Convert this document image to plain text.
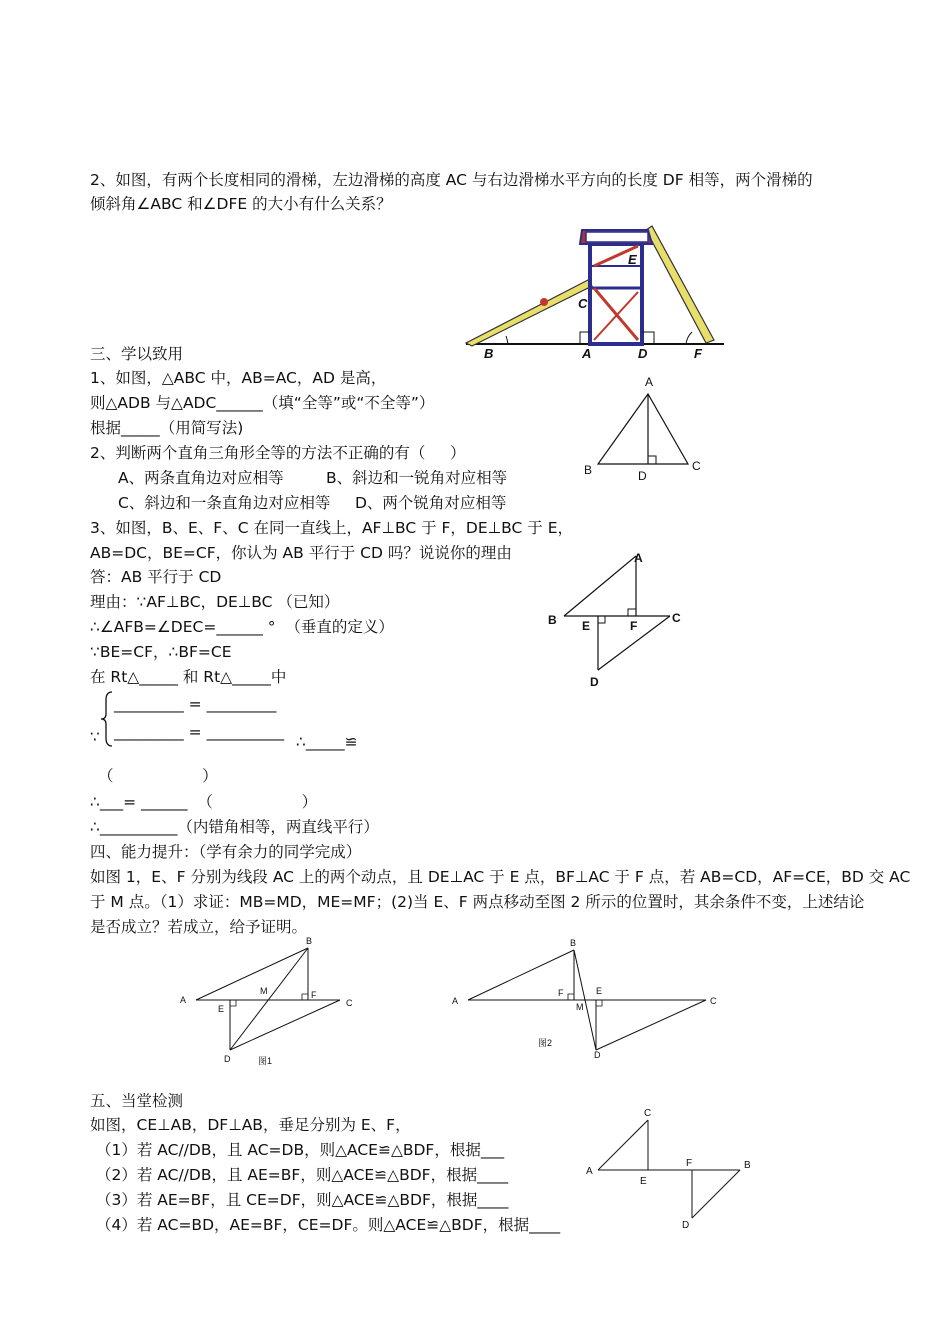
2、如图，有两个长度相同的滑梯，左边滑梯的高度 AC 与右边滑梯水平方向的长度 DF 相等，两个滑梯的
倾斜角∠ABC 和∠DFE 的大小有什么关系？
B	A	D	F
C
E
三、学以致用
1、如图，△ABC 中，AB=AC，AD 是高，
则△ADB 与△ADC______（填“全等”或“不全等”）
根据_____（用简写法)
A
B	C
D
2、判断两个直角三角形全等的方法不正确的有（     ）
A、两条直角边对应相等	B、斜边和一锐角对应相等
C、斜边和一条直角边对应相等 D、两个锐角对应相等
3、如图，B、E、F、C 在同一直线上，AF⊥BC 于 F，DE⊥BC 于 E，
AB=DC，BE=CF，你认为 AB 平行于 CD 吗？说说你的理由
答：AB 平行于 CD
理由：∵AF⊥BC，DE⊥BC （已知）
∴∠AFB=∠DEC=______ °  （垂直的定义）
∵BE=CF，∴BF=CE
在 Rt△_____ 和 Rt△_____中
_________ = _________
∵ _________ = __________
∴_____≌
（                  ）
∴___= ______  （                  ）
∴__________（内错角相等，两直线平行）
A
B	C
D
E	F
四、能力提升：（学有余力的同学完成）
如图 1，E、F 分别为线段 AC 上的两个动点，且 DE⊥AC 于 E 点，BF⊥AC 于 F 点，若 AB=CD，AF=CE，BD 交 AC
于 M 点。（1）求证：MB=MD，ME=MF；(2)当 E、F 两点移动至图 2 所示的位置时，其余条件不变，上述结论
是否成立？若成立，给予证明。
A
B
C
D
E
F
M
图1
A
B
C
D
E
F
M
图2
五、当堂检测
如图，CE⊥AB，DF⊥AB，垂足分别为 E、F，
（1）若 AC//DB，且 AC=DB，则△ACE≌△BDF，根据___
（2）若 AC//DB，且 AE=BF，则△ACE≌△BDF，根据____
（3）若 AE=BF，且 CE=DF，则△ACE≌△BDF，根据____
（4）若 AC=BD，AE=BF，CE=DF。则△ACE≌△BDF，根据____
A
B
C
D
E
F
